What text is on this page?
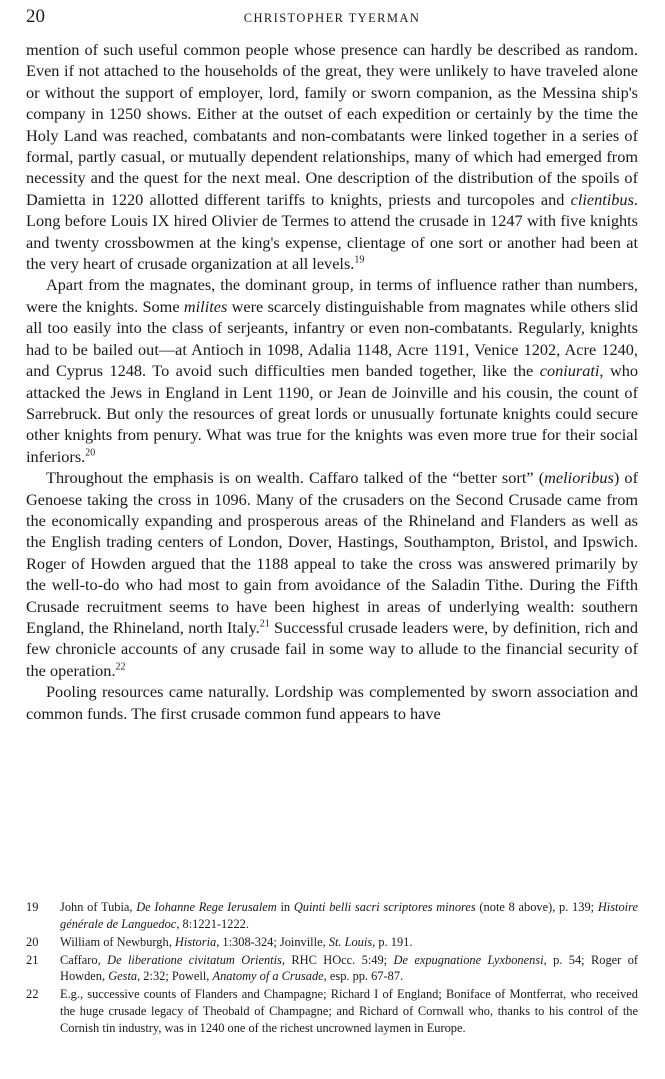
20	CHRISTOPHER TYERMAN

mention of such useful common people whose presence can hardly be described as random. Even if not attached to the households of the great, they were unlikely to have traveled alone or without the support of employer, lord, family or sworn companion, as the Messina ship's company in 1250 shows. Either at the outset of each expedition or certainly by the time the Holy Land was reached, combatants and non-combatants were linked together in a series of formal, partly casual, or mutually dependent relationships, many of which had emerged from necessity and the quest for the next meal. One description of the distribution of the spoils of Damietta in 1220 allotted different tariffs to knights, priests and turcopoles and clientibus. Long before Louis IX hired Olivier de Termes to attend the crusade in 1247 with five knights and twenty crossbowmen at the king's expense, clientage of one sort or another had been at the very heart of crusade organization at all levels.$^{19}$

Apart from the magnates, the dominant group, in terms of influence rather than numbers, were the knights. Some milites were scarcely distinguishable from magnates while others slid all too easily into the class of serjeants, infantry or even non-combatants. Regularly, knights had to be bailed out—at Antioch in 1098, Adalia 1148, Acre 1191, Venice 1202, Acre 1240, and Cyprus 1248. To avoid such difficulties men banded together, like the coniurati, who attacked the Jews in England in Lent 1190, or Jean de Joinville and his cousin, the count of Sarrebruck. But only the resources of great lords or unusually fortunate knights could secure other knights from penury. What was true for the knights was even more true for their social inferiors.$^{20}$

Throughout the emphasis is on wealth. Caffaro talked of the “better sort” (melioribus) of Genoese taking the cross in 1096. Many of the crusaders on the Second Crusade came from the economically expanding and prosperous areas of the Rhineland and Flanders as well as the English trading centers of London, Dover, Hastings, Southampton, Bristol, and Ipswich. Roger of Howden argued that the 1188 appeal to take the cross was answered primarily by the well-to-do who had most to gain from avoidance of the Saladin Tithe. During the Fifth Crusade recruitment seems to have been highest in areas of underlying wealth: southern England, the Rhineland, north Italy.$^{21}$ Successful crusade leaders were, by definition, rich and few chronicle accounts of any crusade fail in some way to allude to the financial security of the operation.$^{22}$

Pooling resources came naturally. Lordship was complemented by sworn association and common funds. The first crusade common fund appears to have

19 John of Tubia, De Iohanne Rege Ierusalem in Quinti belli sacri scriptores minores (note 8 above), p. 139; Histoire générale de Languedoc, 8:1221-1222.
20 William of Newburgh, Historia, 1:308-324; Joinville, St. Louis, p. 191.
21 Caffaro, De liberatione civitatum Orientis, RHC HOcc. 5:49; De expugnatione Lyxbonensi, p. 54; Roger of Howden, Gesta, 2:32; Powell, Anatomy of a Crusade, esp. pp. 67-87.
22 E.g., successive counts of Flanders and Champagne; Richard I of England; Boniface of Montferrat, who received the huge crusade legacy of Theobald of Champagne; and Richard of Cornwall who, thanks to his control of the Cornish tin industry, was in 1240 one of the richest uncrowned laymen in Europe.
